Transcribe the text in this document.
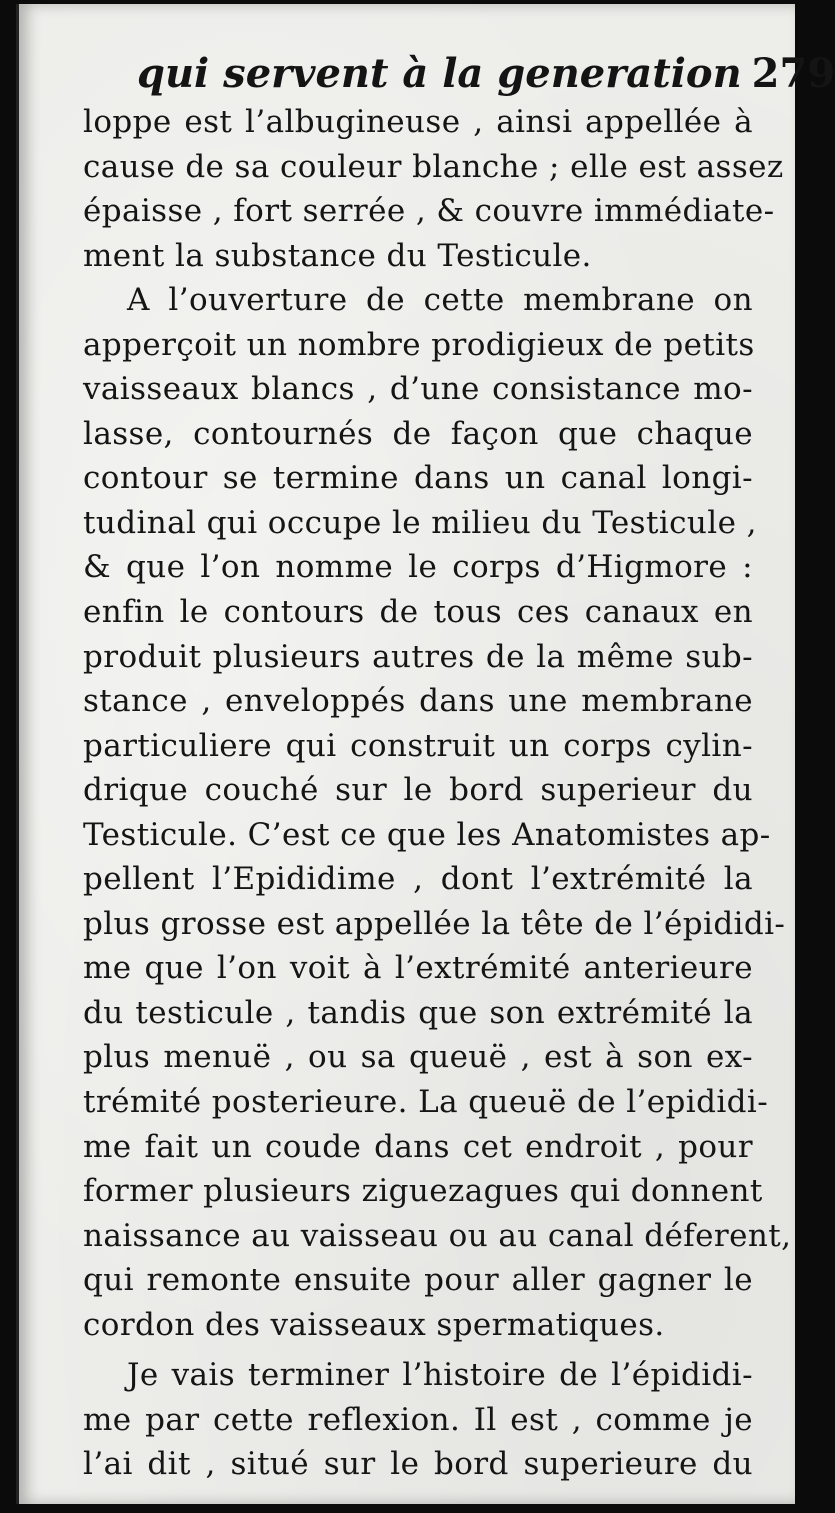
qui servent à la generation 279
loppe est l’albugineuse , ainsi appellée à
cause de sa couleur blanche ; elle est assez
épaisse , fort serrée , & couvre immédiate-
ment la substance du Testicule.
A l’ouverture de cette membrane on
apperçoit un nombre prodigieux de petits
vaisseaux blancs , d’une consistance mo-
lasse, contournés de façon que chaque
contour se termine dans un canal longi-
tudinal qui occupe le milieu du Testicule ,
& que l’on nomme le corps d’Higmore :
enfin le contours de tous ces canaux en
produit plusieurs autres de la même sub-
stance , enveloppés dans une membrane
particuliere qui construit un corps cylin-
drique couché sur le bord superieur du
Testicule. C’est ce que les Anatomistes ap-
pellent l’Epididime , dont l’extrémité la
plus grosse est appellée la tête de l’épididi-
me que l’on voit à l’extrémité anterieure
du testicule , tandis que son extrémité la
plus menuë , ou sa queuë , est à son ex-
trémité posterieure. La queuë de l’epididi-
me fait un coude dans cet endroit , pour
former plusieurs ziguezagues qui donnent
naissance au vaisseau ou au canal déferent,
qui remonte ensuite pour aller gagner le
cordon des vaisseaux spermatiques.
Je vais terminer l’histoire de l’épididi-
me par cette reflexion. Il est , comme je
l’ai dit , situé sur le bord superieure du
